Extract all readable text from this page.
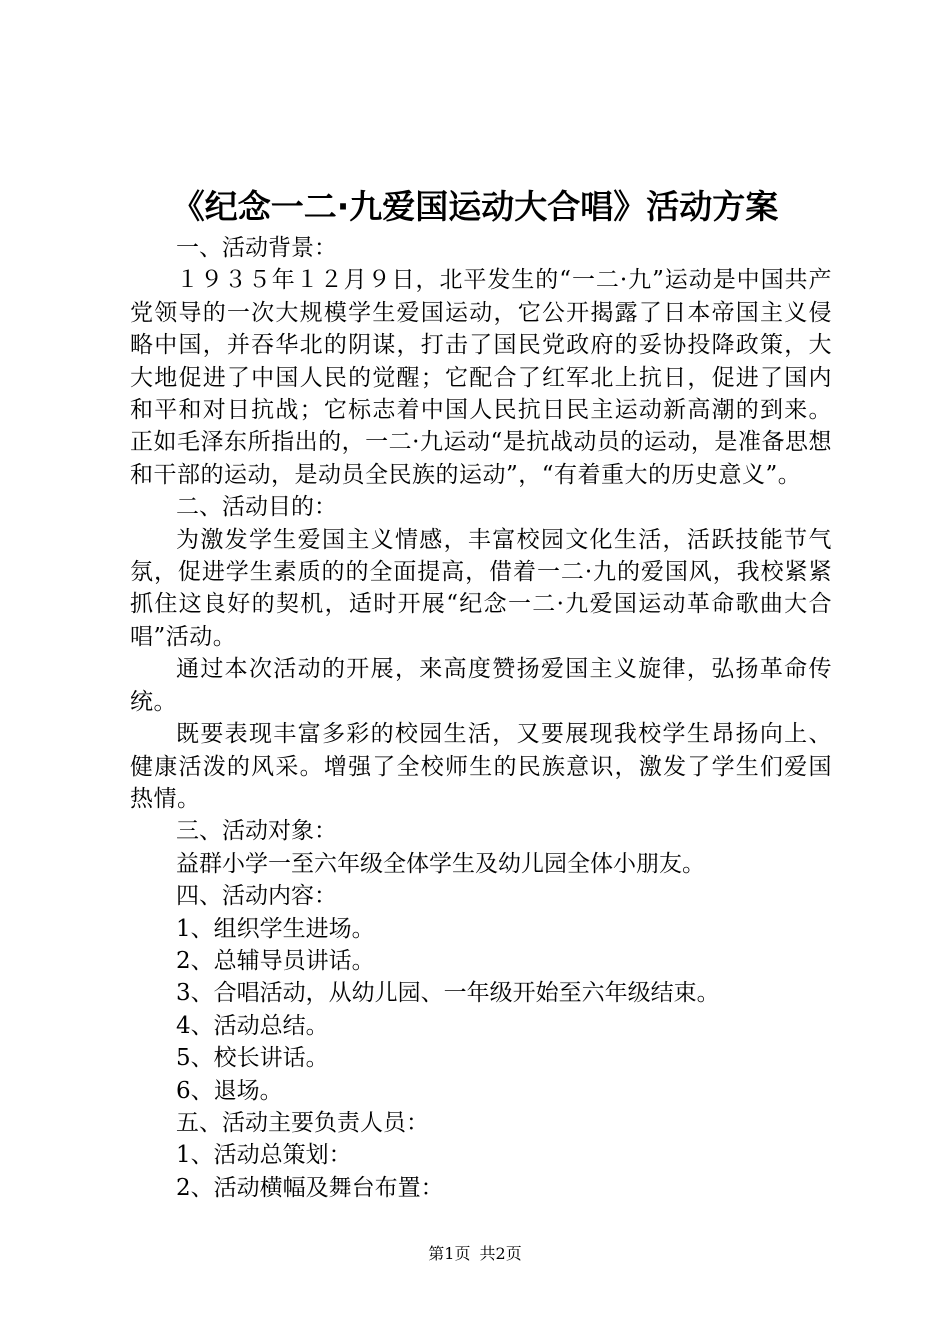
《纪念一二·九爱国运动大合唱》活动方案

一、活动背景：

１９３５年１２月９日，北平发生的“一二·九”运动是中国共产党领导的一次大规模学生爱国运动，它公开揭露了日本帝国主义侵略中国，并吞华北的阴谋，打击了国民党政府的妥协投降政策，大大地促进了中国人民的觉醒；它配合了红军北上抗日，促进了国内和平和对日抗战；它标志着中国人民抗日民主运动新高潮的到来。正如毛泽东所指出的，一二·九运动“是抗战动员的运动，是准备思想和干部的运动，是动员全民族的运动”，“有着重大的历史意义”。

二、活动目的：

为激发学生爱国主义情感，丰富校园文化生活，活跃技能节气氛，促进学生素质的的全面提高，借着一二·九的爱国风，我校紧紧抓住这良好的契机，适时开展“纪念一二·九爱国运动革命歌曲大合唱”活动。

通过本次活动的开展，来高度赞扬爱国主义旋律，弘扬革命传统。

既要表现丰富多彩的校园生活，又要展现我校学生昂扬向上、健康活泼的风采。增强了全校师生的民族意识，激发了学生们爱国热情。

三、活动对象：

益群小学一至六年级全体学生及幼儿园全体小朋友。

四、活动内容：

1、组织学生进场。

2、总辅导员讲话。

3、合唱活动，从幼儿园、一年级开始至六年级结束。

4、活动总结。

5、校长讲话。

6、退场。

五、活动主要负责人员：

1、活动总策划：

2、活动横幅及舞台布置：

第1页 共2页
